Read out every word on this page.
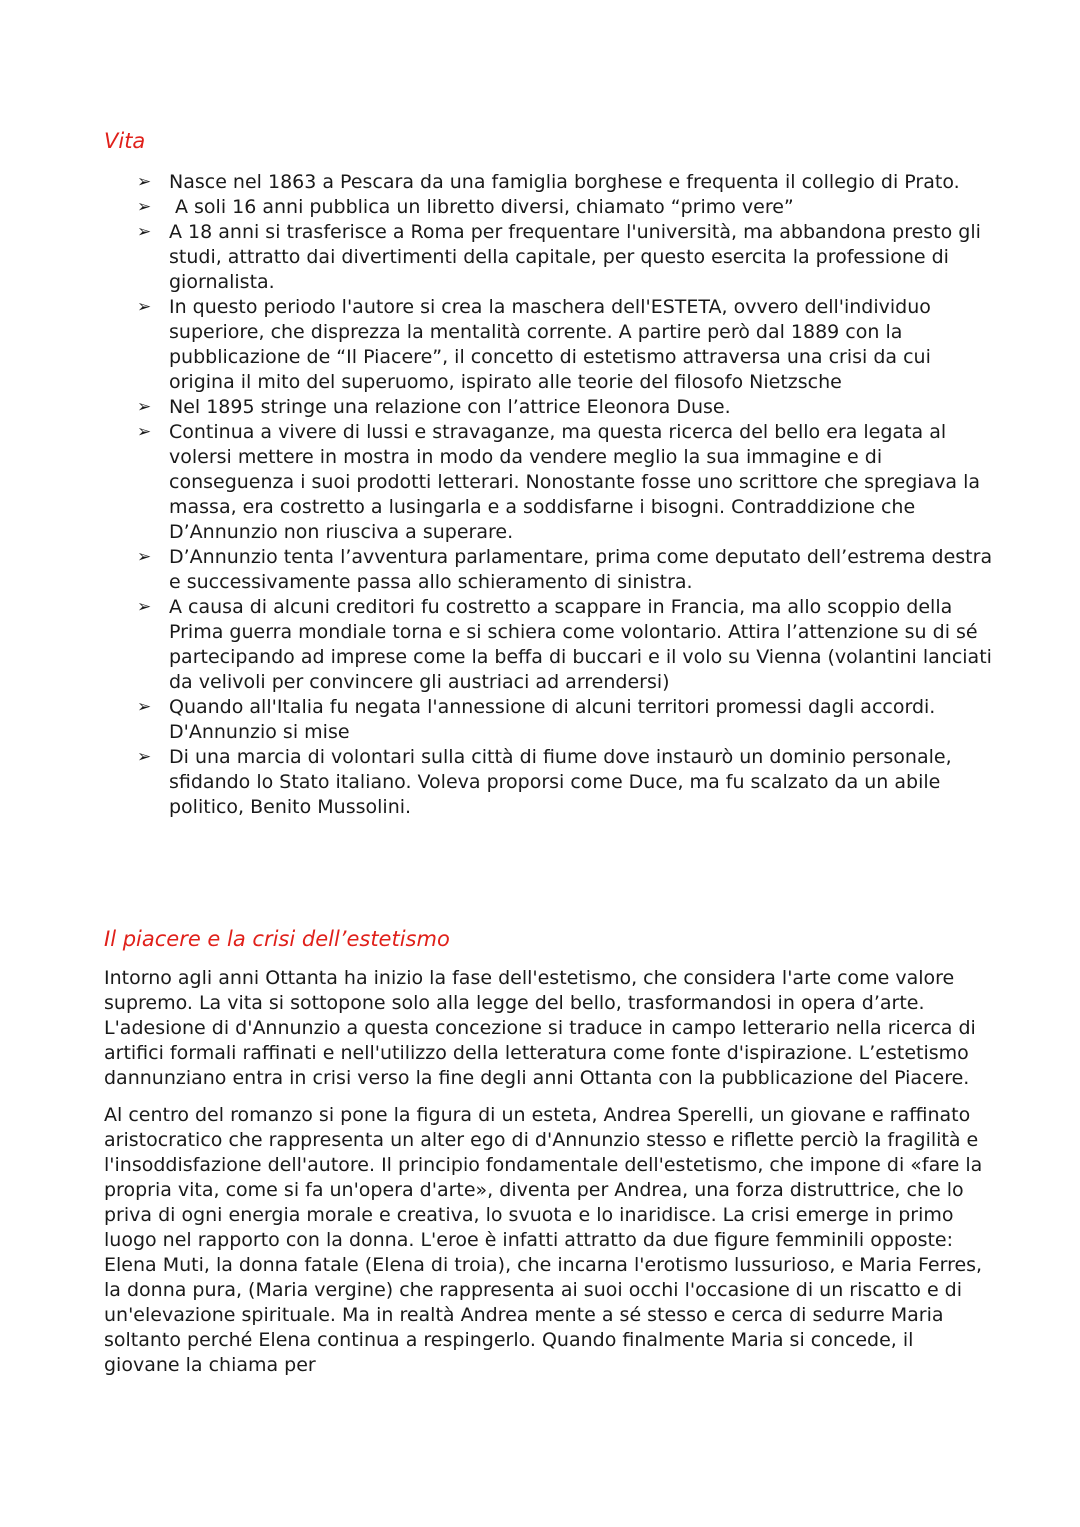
Vita
➢ Nasce nel 1863 a Pescara da una famiglia borghese e frequenta il collegio di Prato.
➢ A soli 16 anni pubblica un libretto diversi, chiamato “primo vere”
➢ A 18 anni si trasferisce a Roma per frequentare l'università, ma abbandona presto gli studi, attratto dai divertimenti della capitale, per questo esercita la professione di giornalista.
➢ In questo periodo l'autore si crea la maschera dell'ESTETA, ovvero dell'individuo superiore, che disprezza la mentalità corrente. A partire però dal 1889 con la pubblicazione de “Il Piacere”, il concetto di estetismo attraversa una crisi da cui origina il mito del superuomo, ispirato alle teorie del filosofo Nietzsche
➢ Nel 1895 stringe una relazione con l’attrice Eleonora Duse.
➢ Continua a vivere di lussi e stravaganze, ma questa ricerca del bello era legata al volersi mettere in mostra in modo da vendere meglio la sua immagine e di conseguenza i suoi prodotti letterari. Nonostante fosse uno scrittore che spregiava la massa, era costretto a lusingarla e a soddisfarne i bisogni. Contraddizione che D’Annunzio non riusciva a superare.
➢ D’Annunzio tenta l’avventura parlamentare, prima come deputato dell’estrema destra e successivamente passa allo schieramento di sinistra.
➢ A causa di alcuni creditori fu costretto a scappare in Francia, ma allo scoppio della Prima guerra mondiale torna e si schiera come volontario. Attira l’attenzione su di sé partecipando ad imprese come la beffa di buccari e il volo su Vienna (volantini lanciati da velivoli per convincere gli austriaci ad arrendersi)
➢ Quando all'Italia fu negata l'annessione di alcuni territori promessi dagli accordi. D'Annunzio si mise
➢ Di una marcia di volontari sulla città di fiume dove instaurò un dominio personale, sfidando lo Stato italiano. Voleva proporsi come Duce, ma fu scalzato da un abile politico, Benito Mussolini.
Il piacere e la crisi dell’estetismo

Intorno agli anni Ottanta ha inizio la fase dell'estetismo, che considera l'arte come valore supremo. La vita si sottopone solo alla legge del bello, trasformandosi in opera d’arte. L'adesione di d'Annunzio a questa concezione si traduce in campo letterario nella ricerca di artifici formali raffinati e nell'utilizzo della letteratura come fonte d'ispirazione. L’estetismo dannunziano entra in crisi verso la fine degli anni Ottanta con la pubblicazione del Piacere.

Al centro del romanzo si pone la figura di un esteta, Andrea Sperelli, un giovane e raffinato aristocratico che rappresenta un alter ego di d'Annunzio stesso e riflette perciò la fragilità e l'insoddisfazione dell'autore. Il principio fondamentale dell'estetismo, che impone di «fare la propria vita, come si fa un'opera d'arte», diventa per Andrea, una forza distruttrice, che lo priva di ogni energia morale e creativa, lo svuota e lo inaridisce. La crisi emerge in primo luogo nel rapporto con la donna. L'eroe è infatti attratto da due figure femminili opposte: Elena Muti, la donna fatale (Elena di troia), che incarna l'erotismo lussurioso, e Maria Ferres, la donna pura, (Maria vergine) che rappresenta ai suoi occhi l'occasione di un riscatto e di un'elevazione spirituale. Ma in realtà Andrea mente a sé stesso e cerca di sedurre Maria soltanto perché Elena continua a respingerlo. Quando finalmente Maria si concede, il giovane la chiama per
